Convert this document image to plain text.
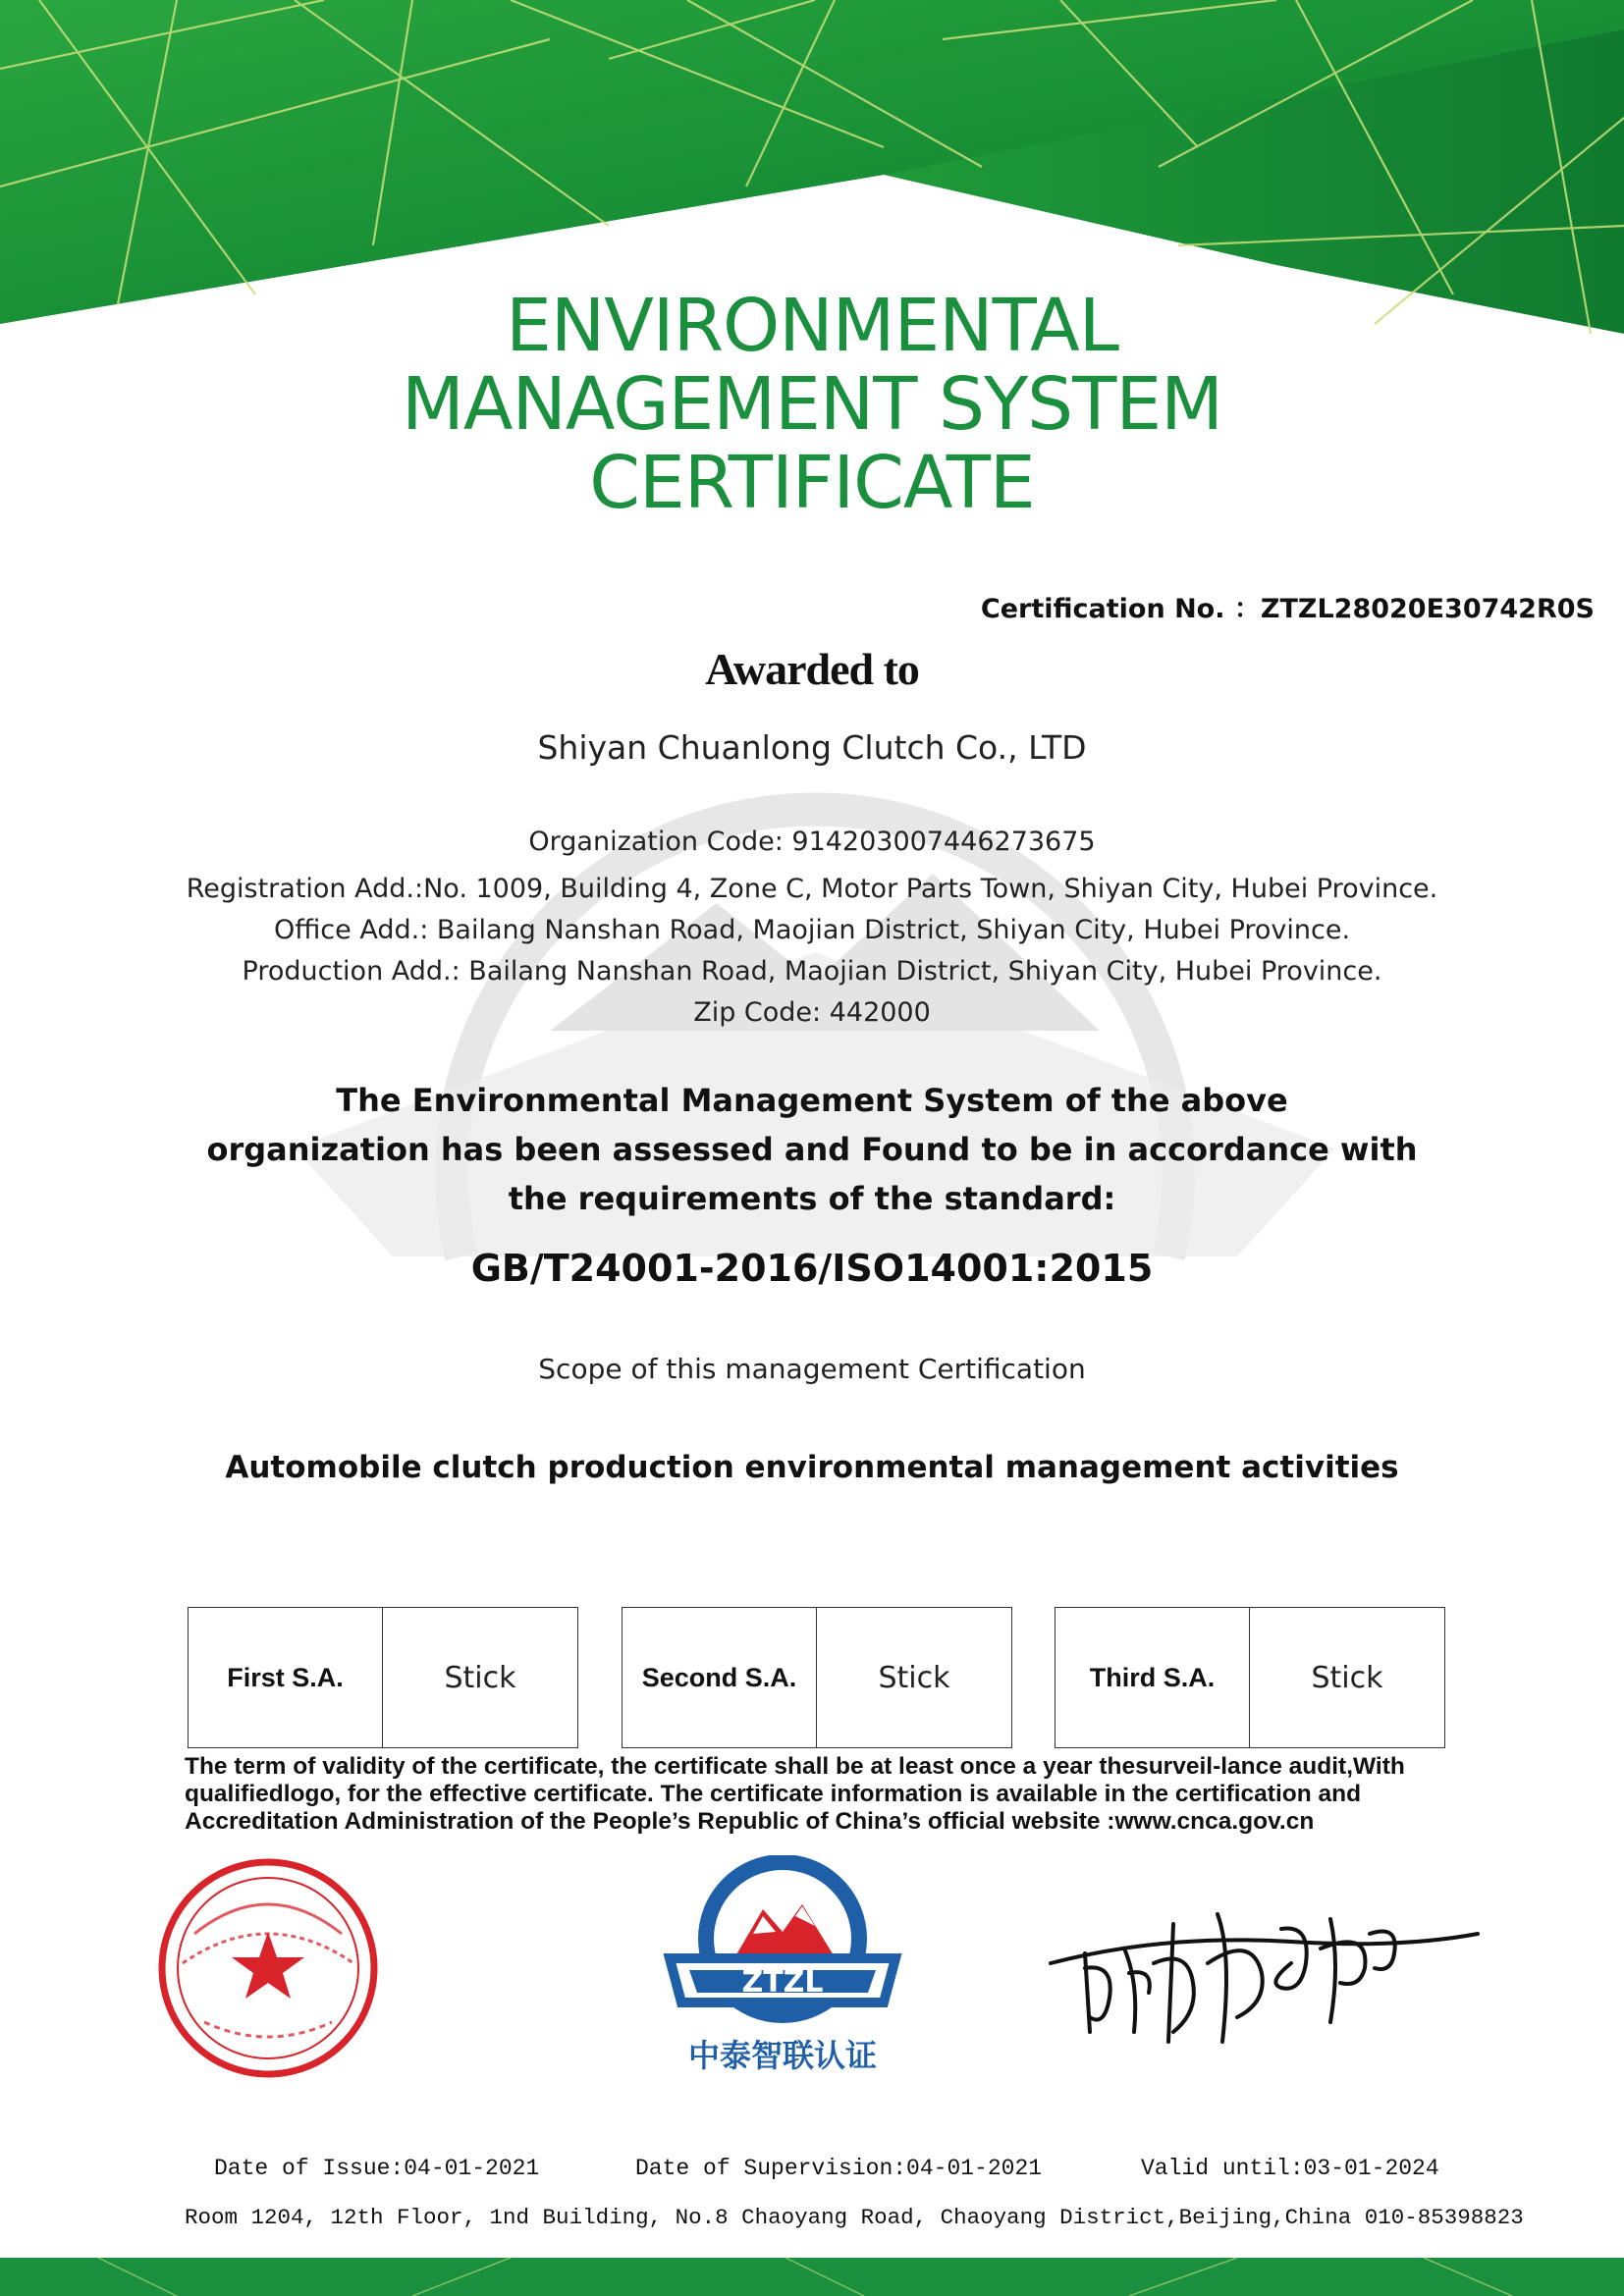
ENVIRONMENTAL
MANAGEMENT SYSTEM
CERTIFICATE
Certification No. ：ZTZL28020E30742R0S
Awarded to
Shiyan Chuanlong Clutch Co., LTD
Organization Code: 914203007446273675
Registration Add.:No. 1009, Building 4, Zone C, Motor Parts Town, Shiyan City, Hubei Province.
Office Add.: Bailang Nanshan Road, Maojian District, Shiyan City, Hubei Province.
Production Add.: Bailang Nanshan Road, Maojian District, Shiyan City, Hubei Province.
Zip Code: 442000
The Environmental Management System of the above
organization has been assessed and Found to be in accordance with
the requirements of the standard:
GB/T24001-2016/ISO14001:2015
Scope of this management Certification
Automobile clutch production environmental management activities
First S.A.	Stick	Second S.A.	Stick	Third S.A.	Stick
The term of validity of the certificate, the certificate shall be at least once a year thesurveil-lance audit,With
qualifiedlogo, for the effective certificate. The certificate information is available in the certification and
Accreditation Administration of the People’s Republic of China’s official website :www.cnca.gov.cn
ZTZL
中泰智联认证
Date of Issue:04-01-2021	Date of Supervision:04-01-2021	Valid until:03-01-2024
Room 1204, 12th Floor, 1nd Building, No.8 Chaoyang Road, Chaoyang District,Beijing,China 010-85398823
